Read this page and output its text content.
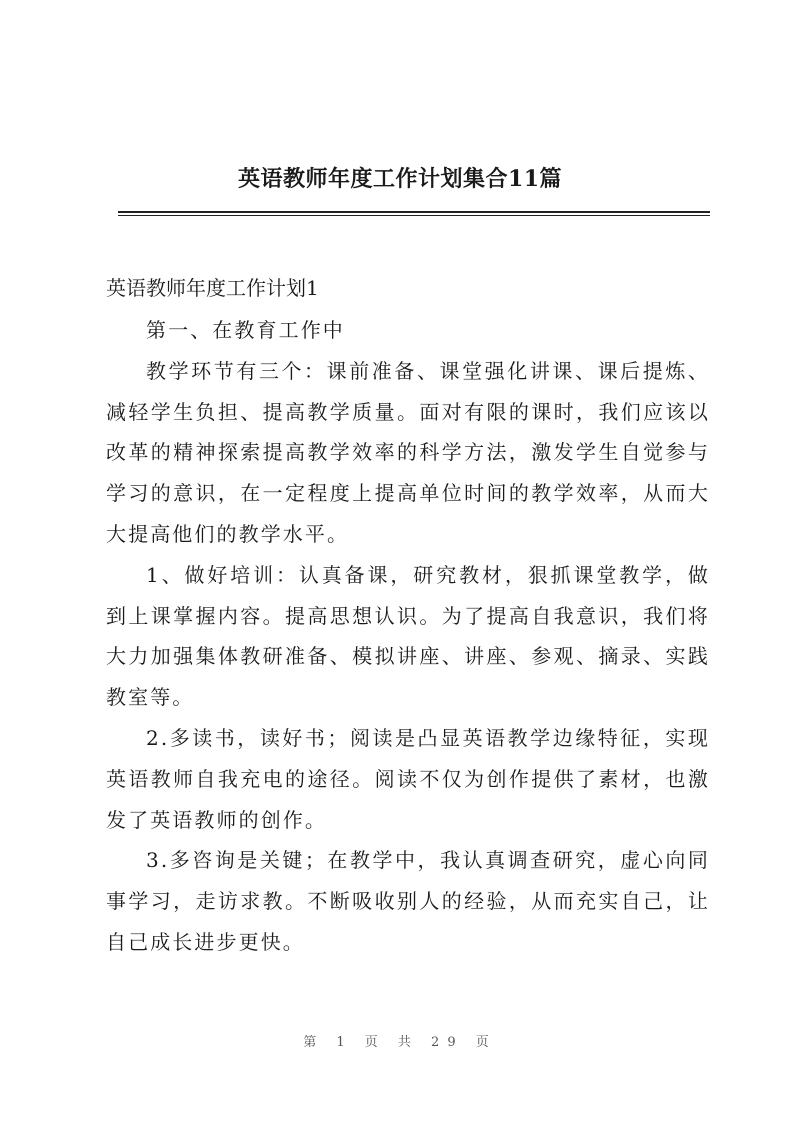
英语教师年度工作计划集合11篇

英语教师年度工作计划1

第一、在教育工作中

教学环节有三个：课前准备、课堂强化讲课、课后提炼、减轻学生负担、提高教学质量。面对有限的课时，我们应该以改革的精神探索提高教学效率的科学方法，激发学生自觉参与学习的意识，在一定程度上提高单位时间的教学效率，从而大大提高他们的教学水平。

1、做好培训：认真备课，研究教材，狠抓课堂教学，做到上课掌握内容。提高思想认识。为了提高自我意识，我们将大力加强集体教研准备、模拟讲座、讲座、参观、摘录、实践教室等。

2.多读书，读好书；阅读是凸显英语教学边缘特征，实现英语教师自我充电的途径。阅读不仅为创作提供了素材，也激发了英语教师的创作。

3.多咨询是关键；在教学中，我认真调查研究，虚心向同事学习，走访求教。不断吸收别人的经验，从而充实自己，让自己成长进步更快。

第 1 页 共 29 页
